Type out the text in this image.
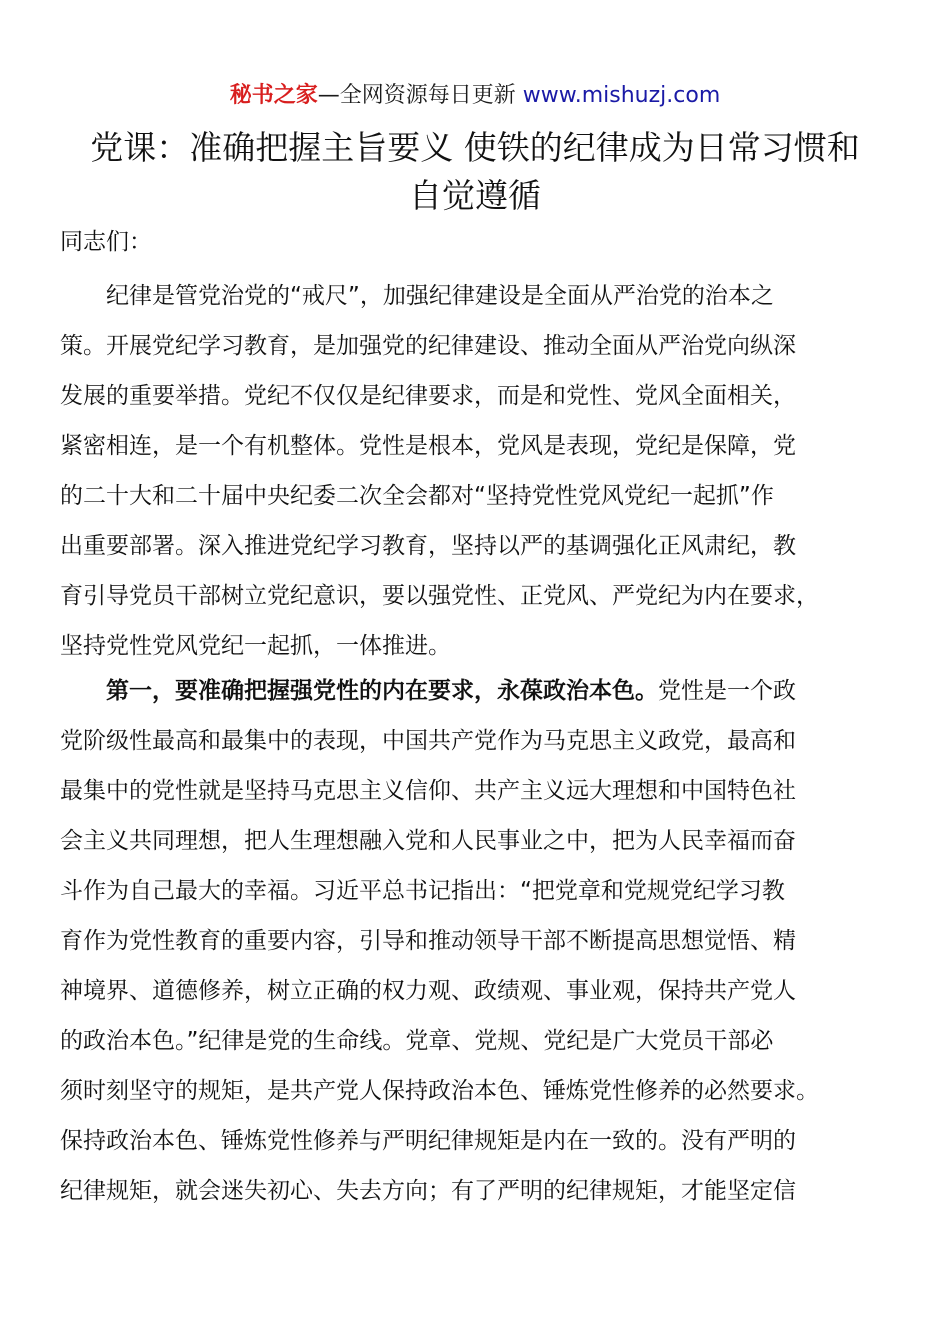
秘书之家—全网资源每日更新 www.mishuzj.com
党课：准确把握主旨要义 使铁的纪律成为日常习惯和
自觉遵循
同志们：
纪律是管党治党的“戒尺”，加强纪律建设是全面从严治党的治本之
策。开展党纪学习教育，是加强党的纪律建设、推动全面从严治党向纵深
发展的重要举措。党纪不仅仅是纪律要求，而是和党性、党风全面相关，
紧密相连，是一个有机整体。党性是根本，党风是表现，党纪是保障，党
的二十大和二十届中央纪委二次全会都对“坚持党性党风党纪一起抓”作
出重要部署。深入推进党纪学习教育，坚持以严的基调强化正风肃纪，教
育引导党员干部树立党纪意识，要以强党性、正党风、严党纪为内在要求，
坚持党性党风党纪一起抓，一体推进。
第一，要准确把握强党性的内在要求，永葆政治本色。党性是一个政
党阶级性最高和最集中的表现，中国共产党作为马克思主义政党，最高和
最集中的党性就是坚持马克思主义信仰、共产主义远大理想和中国特色社
会主义共同理想，把人生理想融入党和人民事业之中，把为人民幸福而奋
斗作为自己最大的幸福。习近平总书记指出：“把党章和党规党纪学习教
育作为党性教育的重要内容，引导和推动领导干部不断提高思想觉悟、精
神境界、道德修养，树立正确的权力观、政绩观、事业观，保持共产党人
的政治本色。”纪律是党的生命线。党章、党规、党纪是广大党员干部必
须时刻坚守的规矩，是共产党人保持政治本色、锤炼党性修养的必然要求。
保持政治本色、锤炼党性修养与严明纪律规矩是内在一致的。没有严明的
纪律规矩，就会迷失初心、失去方向；有了严明的纪律规矩，才能坚定信
